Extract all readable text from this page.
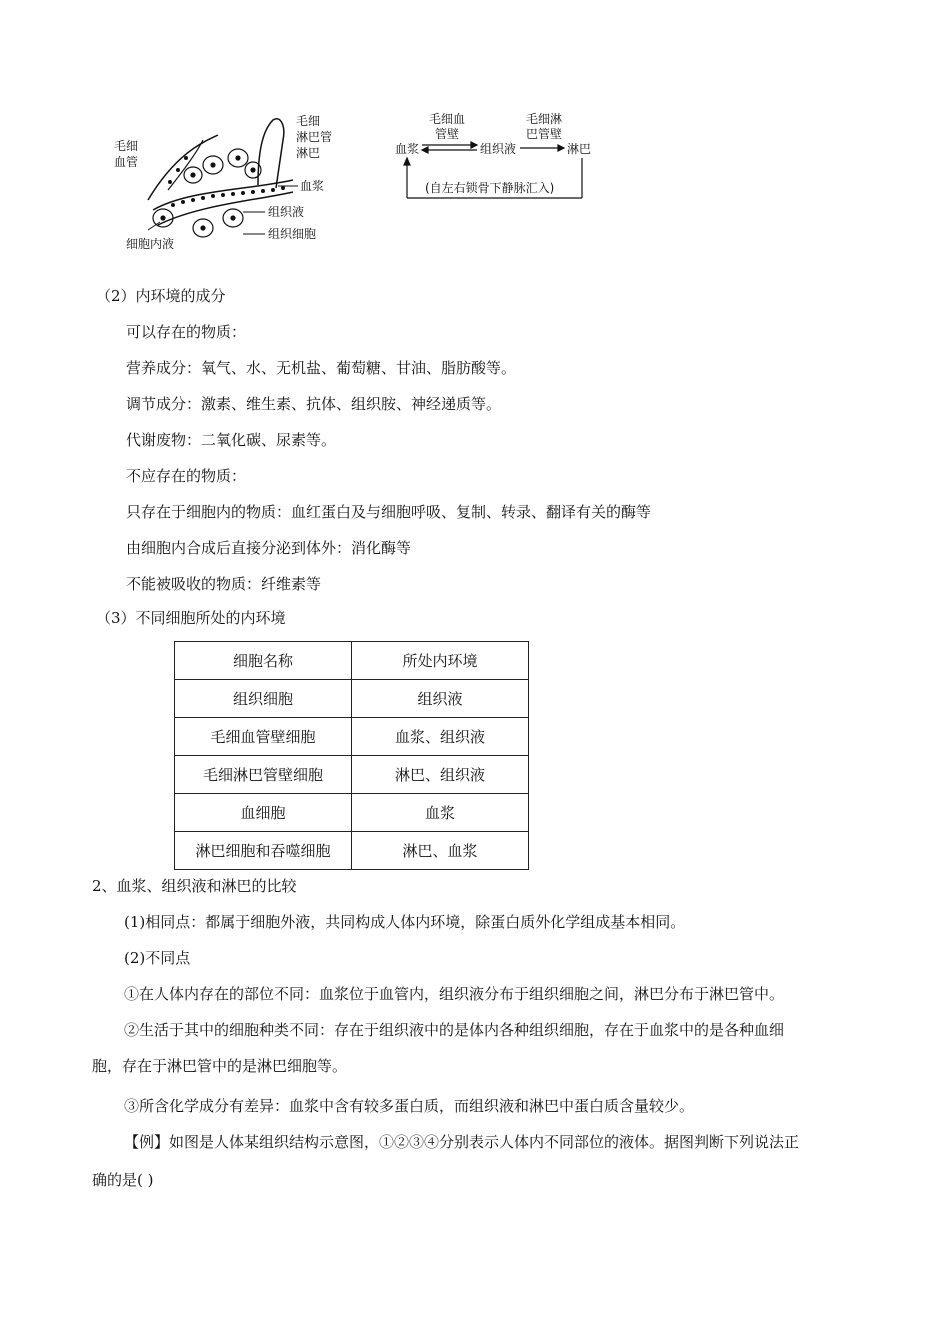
毛细
血管
毛细
淋巴管
淋巴
血浆
组织液
组织细胞
细胞内液
血浆
毛细血
管壁
组织液
毛细淋
巴管壁
淋巴
(自左右锁骨下静脉汇入)
（2）内环境的成分
可以存在的物质：
营养成分：氧气、水、无机盐、葡萄糖、甘油、脂肪酸等。
调节成分：激素、维生素、抗体、组织胺、神经递质等。
代谢废物：二氧化碳、尿素等。
不应存在的物质：
只存在于细胞内的物质：血红蛋白及与细胞呼吸、复制、转录、翻译有关的酶等
由细胞内合成后直接分泌到体外：消化酶等
不能被吸收的物质：纤维素等
（3）不同细胞所处的内环境
细胞名称	所处内环境
组织细胞	组织液
毛细血管壁细胞	血浆、组织液
毛细淋巴管壁细胞	淋巴、组织液
血细胞	血浆
淋巴细胞和吞噬细胞	淋巴、血浆
2、血浆、组织液和淋巴的比较
(1)相同点：都属于细胞外液，共同构成人体内环境，除蛋白质外化学组成基本相同。
(2)不同点
①在人体内存在的部位不同：血浆位于血管内，组织液分布于组织细胞之间，淋巴分布于淋巴管中。
②生活于其中的细胞种类不同：存在于组织液中的是体内各种组织细胞，存在于血浆中的是各种血细
胞，存在于淋巴管中的是淋巴细胞等。
③所含化学成分有差异：血浆中含有较多蛋白质，而组织液和淋巴中蛋白质含量较少。
【例】如图是人体某组织结构示意图，①②③④分别表示人体内不同部位的液体。据图判断下列说法正
确的是( )
